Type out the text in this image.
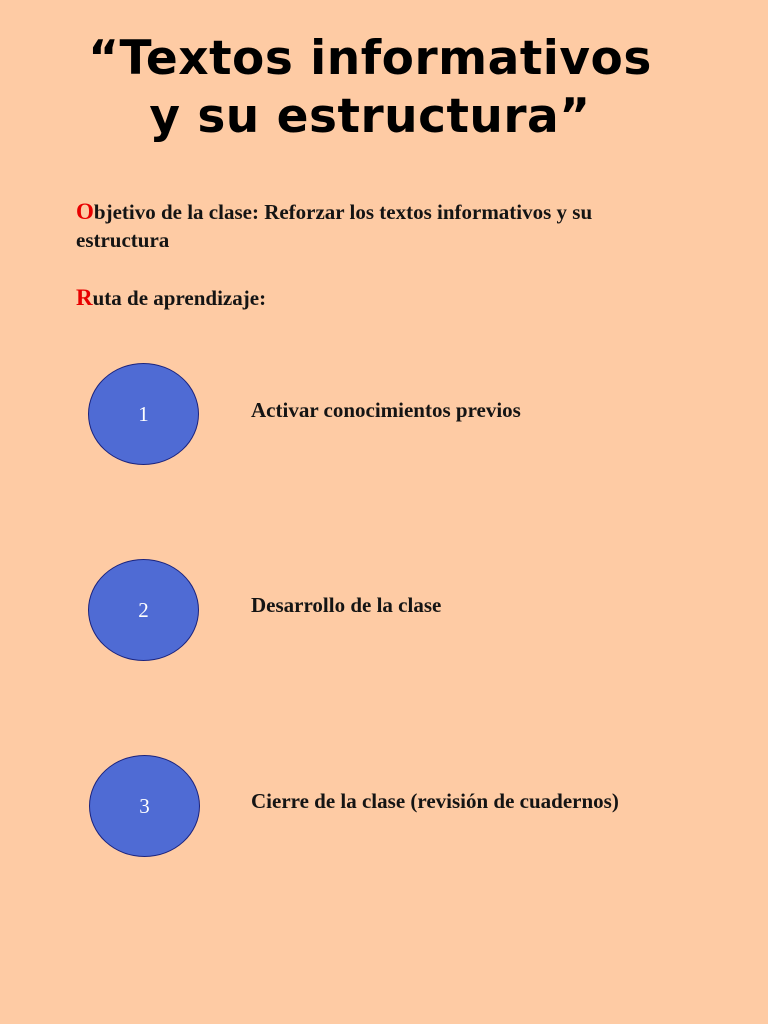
“Textos informativos
y su estructura”
Objetivo de la clase: Reforzar los textos informativos y su estructura
Ruta de aprendizaje:
1	Activar conocimientos previos
2	Desarrollo de la clase
3	Cierre de la clase (revisión de cuadernos)
